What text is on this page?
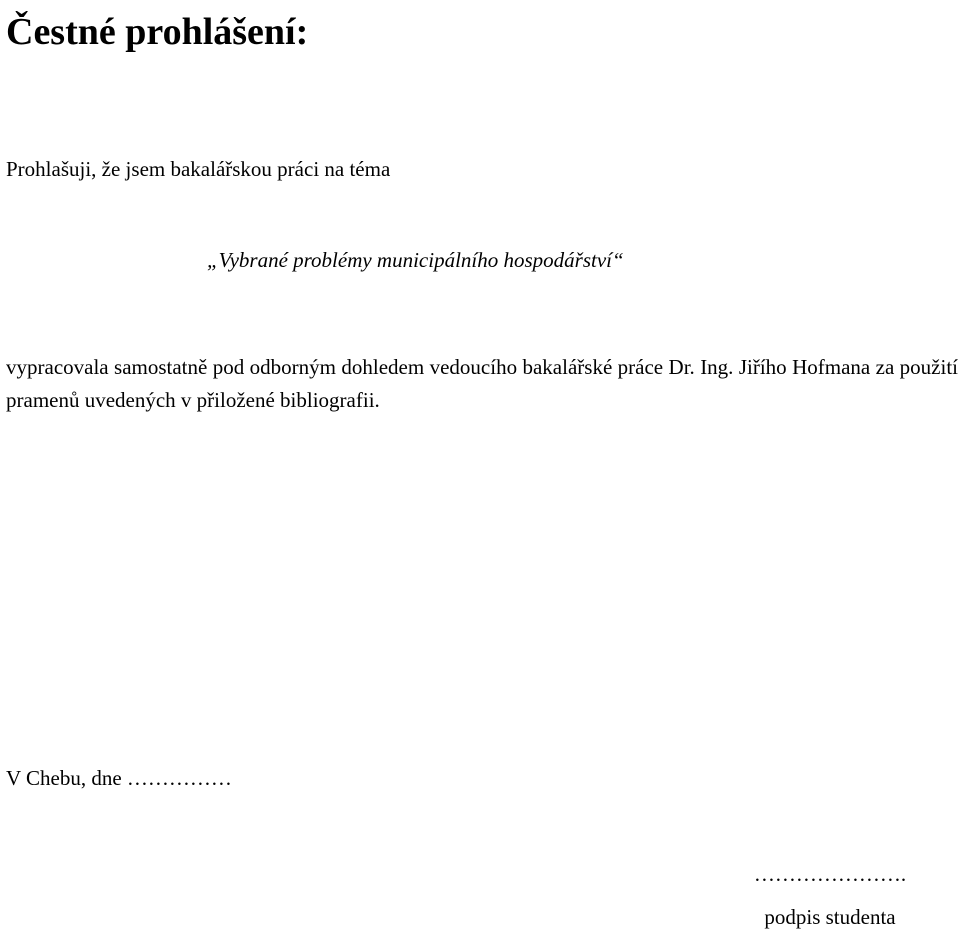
Čestné prohlášení:

Prohlašuji, že jsem bakalářskou práci na téma

„Vybrané problémy municipálního hospodářství“

vypracovala samostatně pod odborným dohledem vedoucího bakalářské práce Dr. Ing. Jiřího Hofmana za použití pramenů uvedených v přiložené bibliografii.

V Chebu, dne ……………

………………….

podpis studenta
